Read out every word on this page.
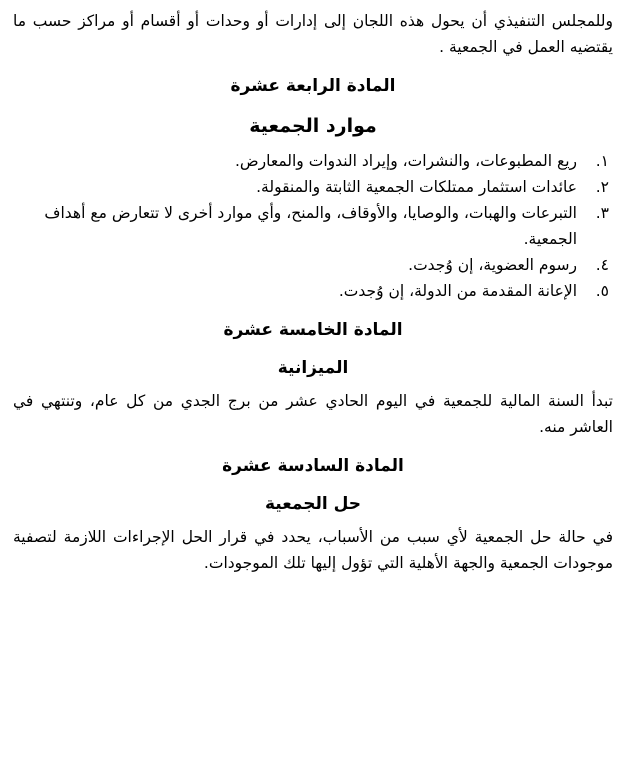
وللمجلس التنفيذي أن يحول هذه اللجان إلى إدارات أو وحدات أو أقسام أو مراكز حسب ما يقتضيه العمل في الجمعية .

المادة الرابعة عشرة
موارد الجمعية
١.
ريع المطبوعات، والنشرات، وإيراد الندوات والمعارض.
٢.
عائدات استثمار ممتلكات الجمعية الثابتة والمنقولة.
٣.
التبرعات والهبات، والوصايا، والأوقاف، والمنح، وأي موارد أخرى لا تتعارض مع أهداف الجمعية.
٤.
رسوم العضوية، إن وُجدت.
٥.
الإعانة المقدمة من الدولة، إن وُجدت.
المادة الخامسة عشرة
الميزانية

تبدأ السنة المالية للجمعية في اليوم الحادي عشر من برج الجدي من كل عام، وتنتهي في العاشر منه.

المادة السادسة عشرة
حل الجمعية

في حالة حل الجمعية لأي سبب من الأسباب، يحدد في قرار الحل الإجراءات اللازمة لتصفية موجودات الجمعية والجهة الأهلية التي تؤول إليها تلك الموجودات.
